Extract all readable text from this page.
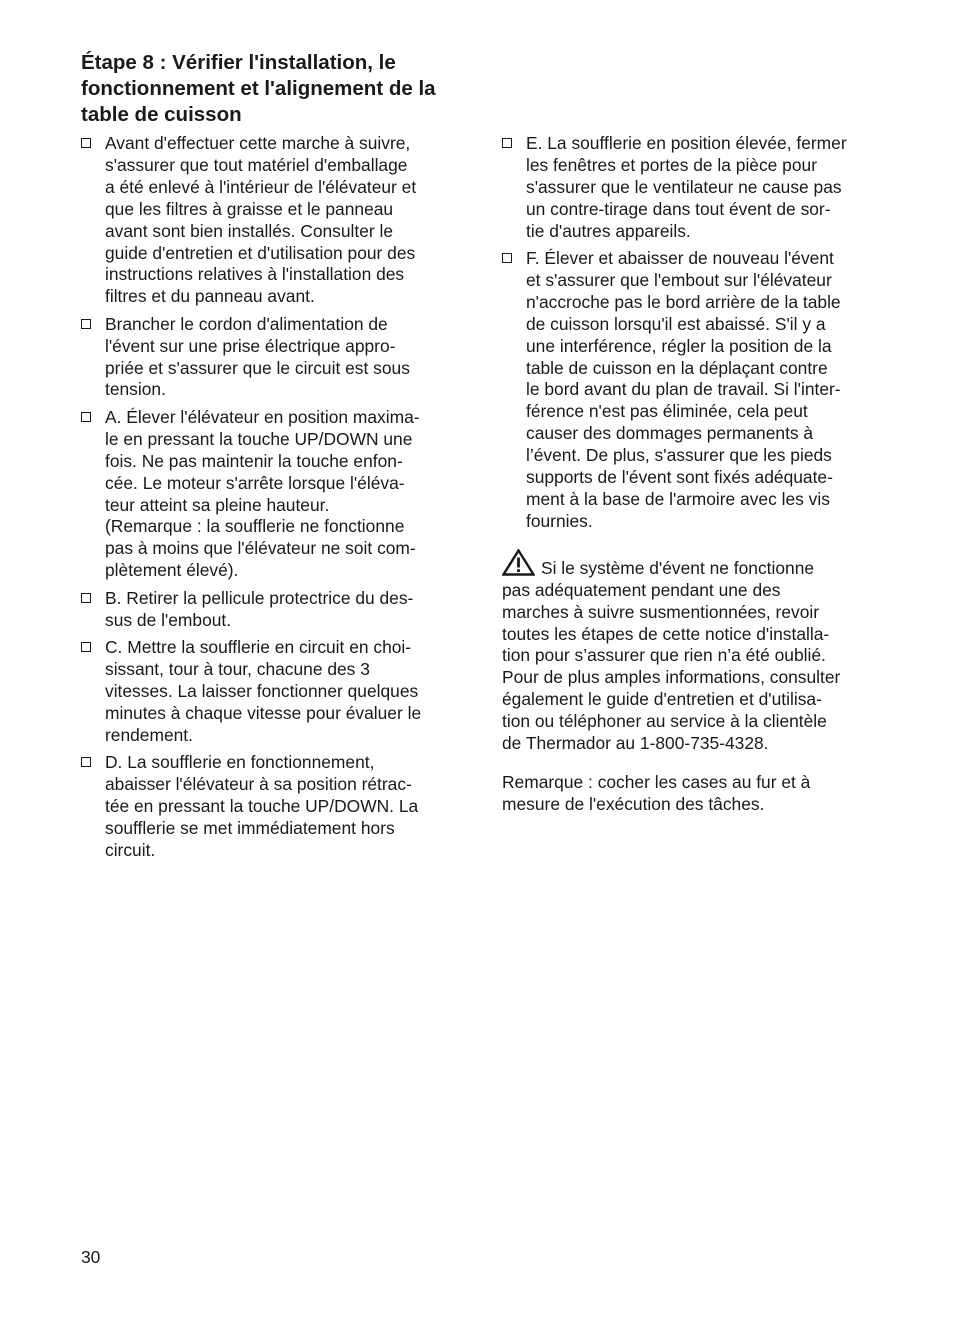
Étape 8 : Vérifier l'installation, le
fonctionnement et l'alignement de la
table de cuisson
Avant d'effectuer cette marche à suivre,
s'assurer que tout matériel d'emballage
a été enlevé à l'intérieur de l'élévateur et
que les filtres à graisse et le panneau
avant sont bien installés. Consulter le
guide d'entretien et d'utilisation pour des
instructions relatives à l'installation des
filtres et du panneau avant.
Brancher le cordon d'alimentation de
l'évent sur une prise électrique appro-
priée et s'assurer que le circuit est sous
tension.
A. Élever l'élévateur en position maxima-
le en pressant la touche UP/DOWN une
fois. Ne pas maintenir la touche enfon-
cée. Le moteur s'arrête lorsque l'éléva-
teur atteint sa pleine hauteur.
(Remarque : la soufflerie ne fonctionne
pas à moins que l'élévateur ne soit com-
plètement élevé).
B. Retirer la pellicule protectrice du des-
sus de l'embout.
C. Mettre la soufflerie en circuit en choi-
sissant, tour à tour, chacune des 3
vitesses. La laisser fonctionner quelques
minutes à chaque vitesse pour évaluer le
rendement.
D. La soufflerie en fonctionnement,
abaisser l'élévateur à sa position rétrac-
tée en pressant la touche UP/DOWN. La
soufflerie se met immédiatement hors
circuit.
E. La soufflerie en position élevée, fermer
les fenêtres et portes de la pièce pour
s'assurer que le ventilateur ne cause pas
un contre-tirage dans tout évent de sor-
tie d'autres appareils.
F. Élever et abaisser de nouveau l'évent
et s'assurer que l'embout sur l'élévateur
n'accroche pas le bord arrière de la table
de cuisson lorsqu'il est abaissé. S'il y a
une interférence, régler la position de la
table de cuisson en la déplaçant contre
le bord avant du plan de travail. Si l'inter-
férence n'est pas éliminée, cela peut
causer des dommages permanents à
l’évent. De plus, s'assurer que les pieds
supports de l'évent sont fixés adéquate-
ment à la base de l'armoire avec les vis
fournies.
Si le système d'évent ne fonctionne
pas adéquatement pendant une des
marches à suivre susmentionnées, revoir
toutes les étapes de cette notice d'installa-
tion pour s’assurer que rien n’a été oublié.
Pour de plus amples informations, consulter
également le guide d'entretien et d'utilisa-
tion ou téléphoner au service à la clientèle
de Thermador au 1-800-735-4328.
Remarque : cocher les cases au fur et à
mesure de l'exécution des tâches.
30
